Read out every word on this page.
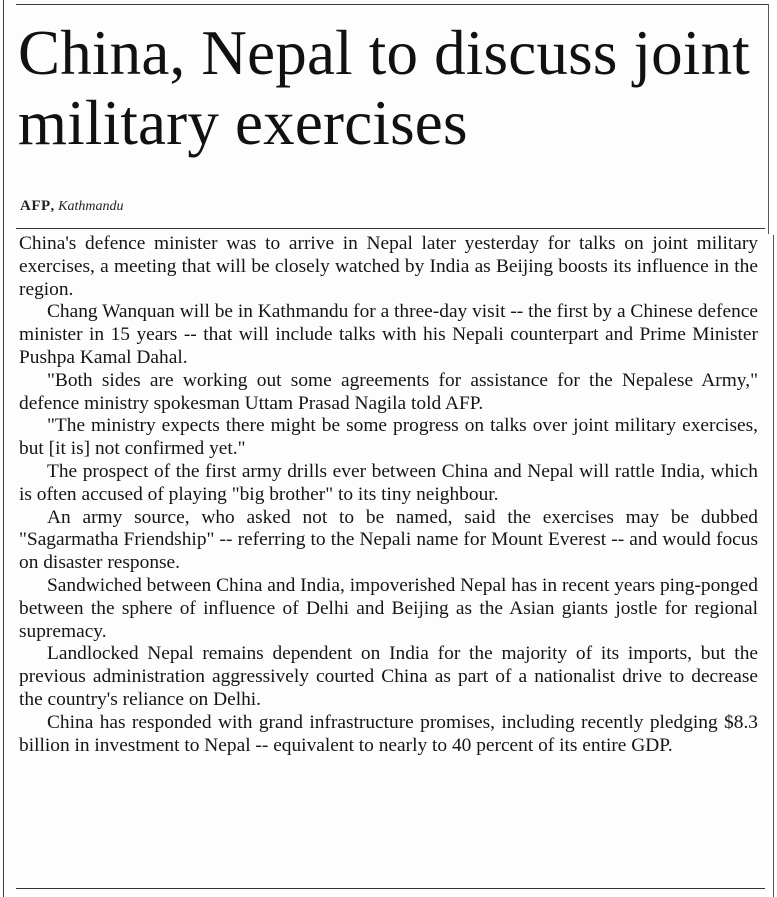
China, Nepal to discuss joint military exercises
AFP, Kathmandu

China's defence minister was to arrive in Nepal later yesterday for talks on joint military exercises, a meeting that will be closely watched by India as Beijing boosts its influence in the region.

Chang Wanquan will be in Kathmandu for a three-day visit -- the first by a Chinese defence minister in 15 years -- that will include talks with his Nepali counterpart and Prime Minister Pushpa Kamal Dahal.

"Both sides are working out some agreements for assistance for the Nepalese Army," defence ministry spokesman Uttam Prasad Nagila told AFP.

"The ministry expects there might be some progress on talks over joint military exercises, but [it is] not confirmed yet."

The prospect of the first army drills ever between China and Nepal will rattle India, which is often accused of playing "big brother" to its tiny neighbour.

An army source, who asked not to be named, said the exercises may be dubbed "Sagarmatha Friendship" -- referring to the Nepali name for Mount Everest -- and would focus on disaster response.

Sandwiched between China and India, impoverished Nepal has in recent years ping-ponged between the sphere of influence of Delhi and Beijing as the Asian giants jostle for regional supremacy.

Landlocked Nepal remains dependent on India for the majority of its imports, but the previous administration aggressively courted China as part of a nationalist drive to decrease the country's reliance on Delhi.

China has responded with grand infrastructure promises, including recently pledging $8.3 billion in investment to Nepal -- equivalent to nearly to 40 percent of its entire GDP.
